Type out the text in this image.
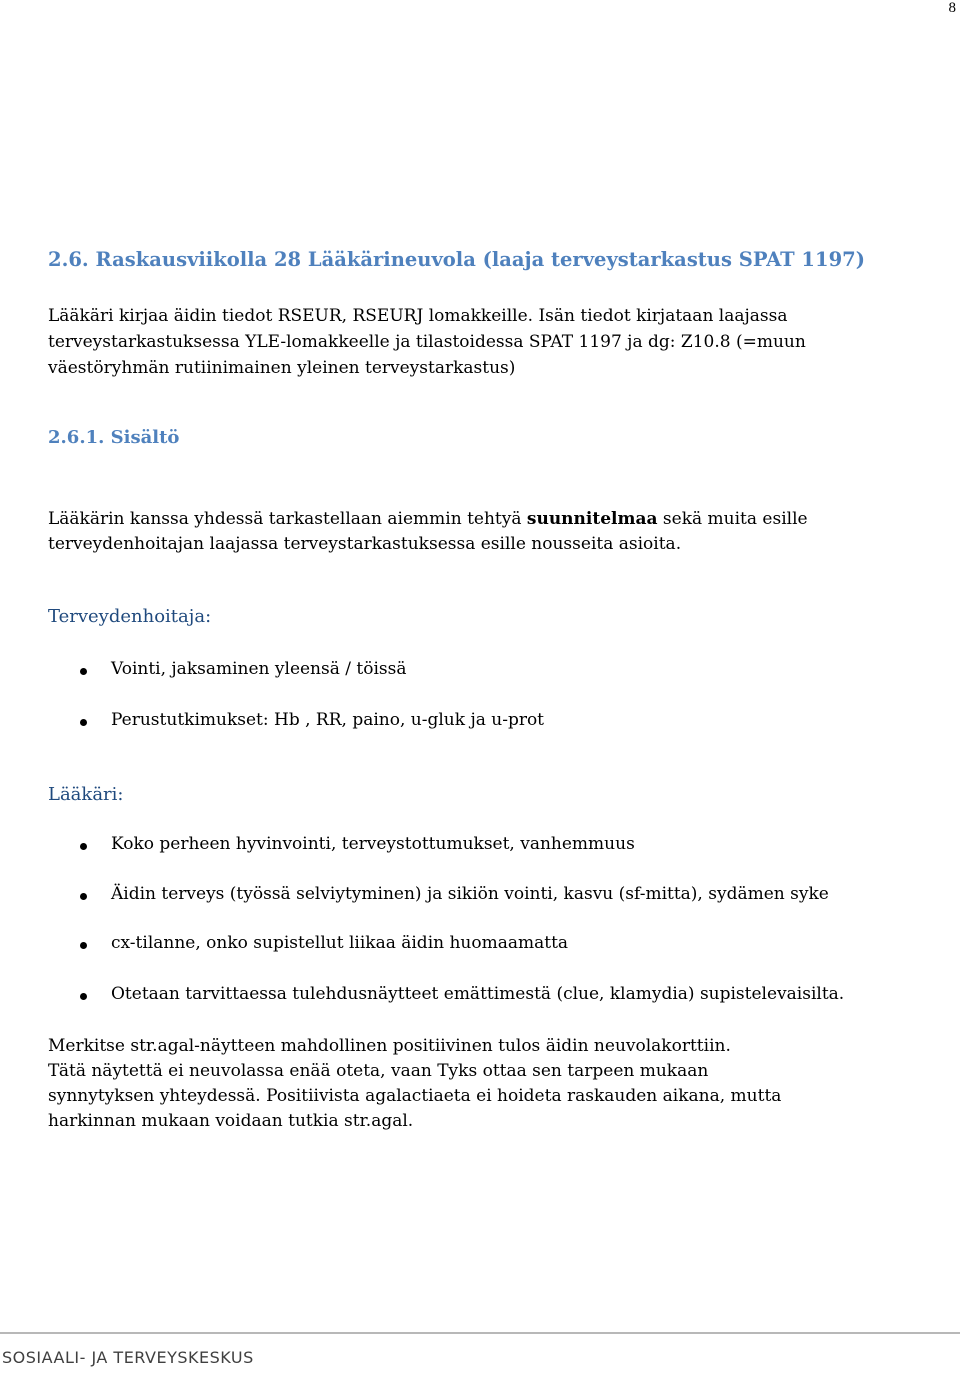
8
2.6. Raskausviikolla 28 Lääkärineuvola (laaja terveystarkastus SPAT 1197)
Lääkäri kirjaa äidin tiedot RSEUR, RSEURJ lomakkeille. Isän tiedot kirjataan laajassa
terveystarkastuksessa YLE-lomakkeelle ja tilastoidessa SPAT 1197 ja dg: Z10.8 (=muun
väestöryhmän rutiinimainen yleinen terveystarkastus)
2.6.1. Sisältö
Lääkärin kanssa yhdessä tarkastellaan aiemmin tehtyä suunnitelmaa sekä muita esille
terveydenhoitajan laajassa terveystarkastuksessa esille nousseita asioita.
Terveydenhoitaja:
Vointi, jaksaminen yleensä / töissä
Perustutkimukset: Hb , RR, paino, u-gluk ja u-prot
Lääkäri:
Koko perheen hyvinvointi, terveystottumukset, vanhemmuus
Äidin terveys (työssä selviytyminen) ja sikiön vointi, kasvu (sf-mitta), sydämen syke
cx-tilanne, onko supistellut liikaa äidin huomaamatta
Otetaan tarvittaessa tulehdusnäytteet emättimestä (clue, klamydia) supistelevaisilta.
Merkitse str.agal-näytteen mahdollinen positiivinen tulos äidin neuvolakorttiin.
Tätä näytettä ei neuvolassa enää oteta, vaan Tyks ottaa sen tarpeen mukaan
synnytyksen yhteydessä. Positiivista agalactiaeta ei hoideta raskauden aikana, mutta
harkinnan mukaan voidaan tutkia str.agal.
SOSIAALI- JA TERVEYSKESKUS
